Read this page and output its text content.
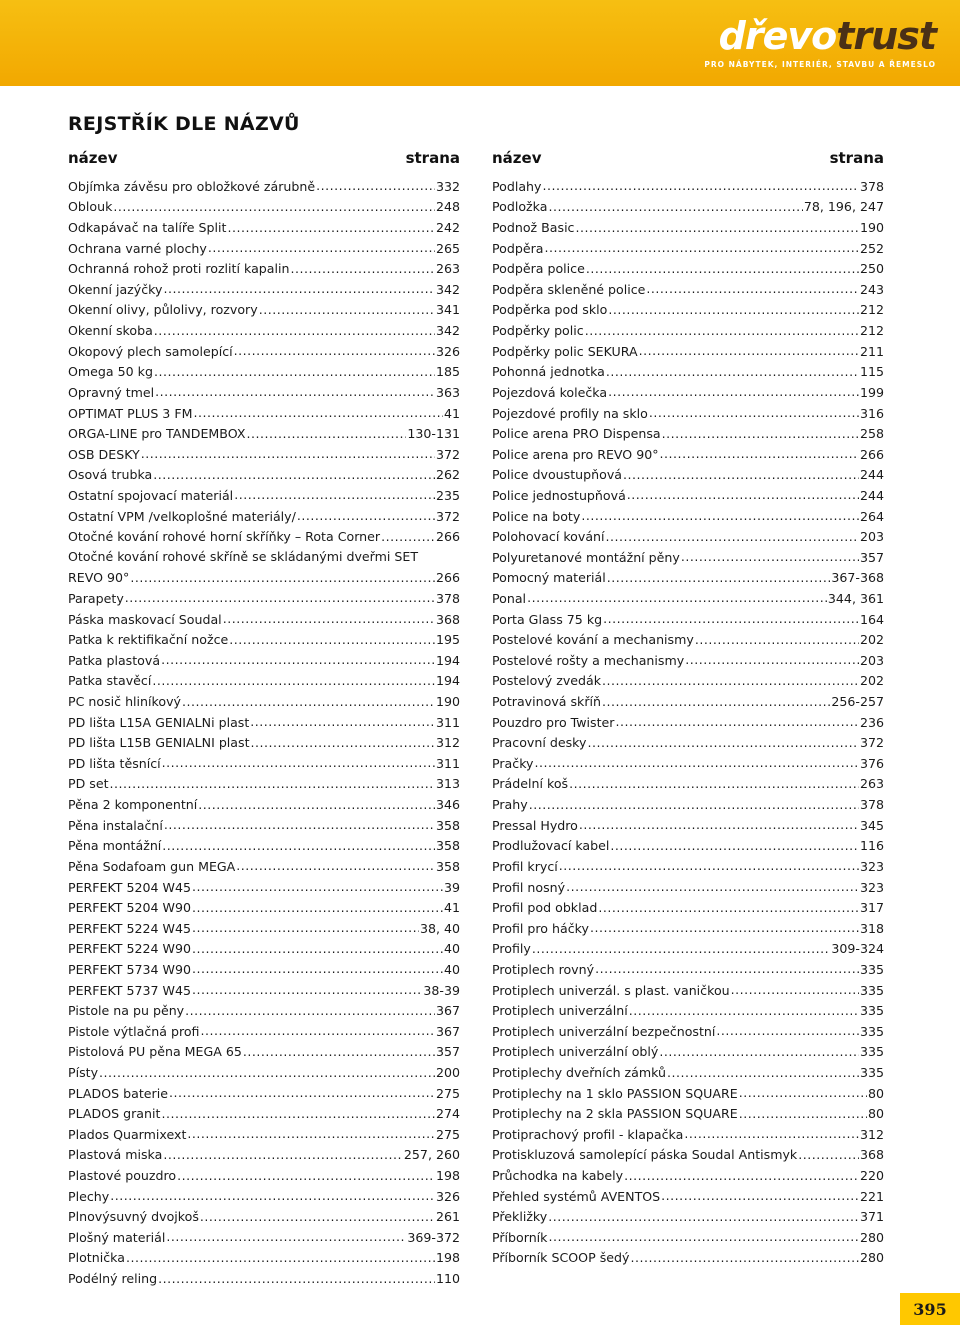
dřevotrust
PRO NÁBYTEK, INTERIÉR, STAVBU A ŘEMESLO
REJSTŘÍK DLE NÁZVŮ
název	strana
Objímka závěsu pro obložkové zárubně .....	332
Oblouk .....	248
Odkapávač na talíře Split .....	242
Ochrana varné plochy .....	265
Ochranná rohož proti rozlití kapalin .....	263
Okenní jazýčky .....	342
Okenní olivy, půlolivy, rozvory .....	341
Okenní skoba .....	342
Okopový plech samolepící .....	326
Omega 50 kg .....	185
Opravný tmel .....	363
OPTIMAT PLUS 3 FM .....	41
ORGA-LINE pro TANDEMBOX .....	130-131
OSB DESKY .....	372
Osová trubka .....	262
Ostatní spojovací materiál .....	235
Ostatní VPM /velkoplošné materiály/ .....	372
Otočné kování rohové horní skříňky – Rota Corner .....	266
Otočné kování rohové skříně se skládanými dveřmi SET
REVO 90° .....	266
Parapety .....	378
Páska maskovací Soudal .....	368
Patka k rektifikační nožce .....	195
Patka plastová .....	194
Patka stavěcí .....	194
PC nosič hliníkový .....	190
PD lišta L15A GENIALNi plast .....	311
PD lišta L15B GENIALNI plast .....	312
PD lišta těsnící .....	311
PD set .....	313
Pěna 2 komponentní .....	346
Pěna instalační .....	358
Pěna montážní .....	358
Pěna Sodafoam gun MEGA .....	358
PERFEKT 5204 W45 .....	39
PERFEKT 5204 W90 .....	41
PERFEKT 5224 W45 .....	38, 40
PERFEKT 5224 W90 .....	40
PERFEKT 5734 W90 .....	40
PERFEKT 5737 W45 .....	38-39
Pistole na pu pěny .....	367
Pistole výtlačná profi .....	367
Pistolová PU pěna MEGA 65 .....	357
Písty .....	200
PLADOS baterie .....	275
PLADOS granit .....	274
Plados Quarmixext .....	275
Plastová miska .....	257, 260
Plastové pouzdro .....	198
Plechy .....	326
Plnovýsuvný dvojkoš .....	261
Plošný materiál .....	369-372
Plotnička .....	198
Podélný reling .....	110
název	strana
Podlahy .....	378
Podložka .....	78, 196, 247
Podnož Basic .....	190
Podpěra .....	252
Podpěra police .....	250
Podpěra skleněné police .....	243
Podpěrka pod sklo .....	212
Podpěrky polic .....	212
Podpěrky polic SEKURA .....	211
Pohonná jednotka .....	115
Pojezdová kolečka .....	199
Pojezdové profily na sklo .....	316
Police arena PRO Dispensa .....	258
Police arena pro REVO 90° .....	266
Police dvoustupňová .....	244
Police jednostupňová .....	244
Police na boty .....	264
Polohovací kování .....	203
Polyuretanové montážní pěny .....	357
Pomocný materiál .....	367-368
Ponal .....	344, 361
Porta Glass 75 kg .....	164
Postelové kování a mechanismy .....	202
Postelové rošty a mechanismy .....	203
Postelový zvedák .....	202
Potravinová skříň .....	256-257
Pouzdro pro Twister .....	236
Pracovní desky .....	372
Pračky .....	376
Prádelní koš .....	263
Prahy .....	378
Pressal Hydro .....	345
Prodlužovací kabel .....	116
Profil krycí .....	323
Profil nosný .....	323
Profil pod obklad .....	317
Profil pro háčky .....	318
Profily .....	309-324
Protiplech rovný .....	335
Protiplech univerzál. s plast. vaničkou .....	335
Protiplech univerzální .....	335
Protiplech univerzální bezpečnostní .....	335
Protiplech univerzální oblý .....	335
Protiplechy dveřních zámků .....	335
Protiplechy na 1 sklo PASSION SQUARE .....	80
Protiplechy na 2 skla PASSION SQUARE .....	80
Protiprachový profil - klapačka .....	312
Protiskluzová samolepící páska Soudal Antismyk .....	368
Průchodka na kabely .....	220
Přehled systémů AVENTOS .....	221
Překližky .....	371
Příborník .....	280
Příborník SCOOP šedý .....	280
395
